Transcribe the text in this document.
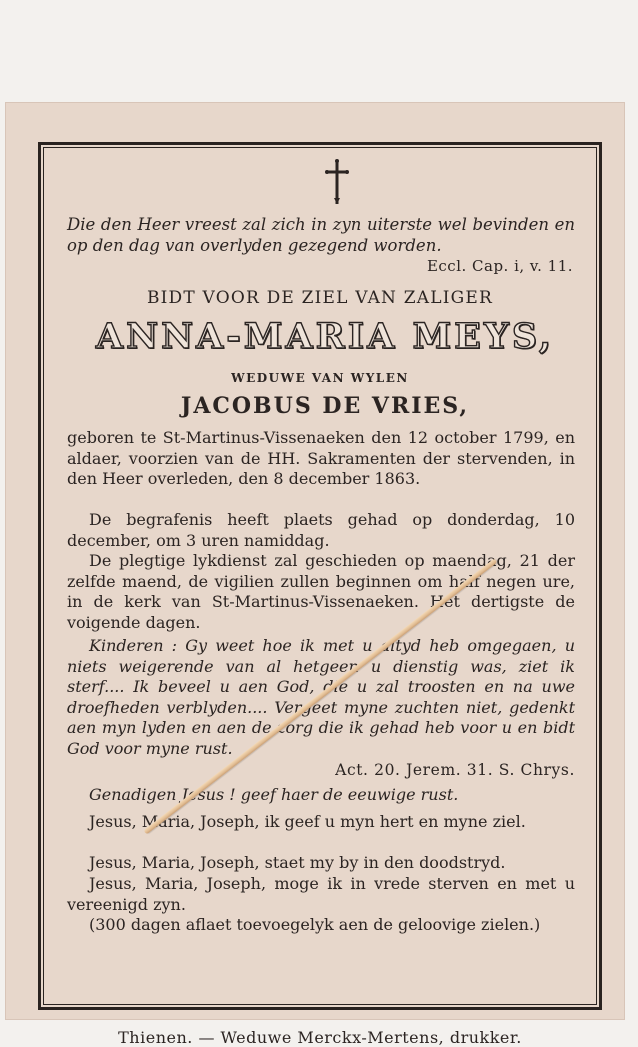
Die den Heer vreest zal zich in zyn uiterste wel bevinden en op den dag van overlyden gezegend worden.
Eccl. Cap. i, v. 11.
BIDT VOOR DE ZIEL VAN ZALIGER
ANNA-MARIA MEYS,
WEDUWE VAN WYLEN
JACOBUS DE VRIES,
geboren te St-Martinus-Vissenaeken den 12 october 1799, en aldaer, voorzien van de HH. Sakramenten der stervenden, in den Heer overleden, den 8 december 1863.
De begrafenis heeft plaets gehad op donderdag, 10 december, om 3 uren namiddag.
De plegtige lykdienst zal geschieden op maendag, 21 der zelfde maend, de vigilien zullen beginnen om half negen ure, in de kerk van St-Martinus-Vissenaeken. Het dertigste de voigende dagen.
Kinderen : Gy weet hoe ik met u altyd heb omgegaen, u niets weigerende van al hetgeen u dienstig was, ziet ik sterf.... Ik beveel u aen God, die u zal troosten en na uwe droefheden verblyden.... Vergeet myne zuchten niet, gedenkt aen myn lyden en aen de zorg die ik gehad heb voor u en bidt God voor myne rust.
Act. 20. Jerem. 31. S. Chrys.
Genadigen Jesus ! geef haer de eeuwige rust.
Jesus, Maria, Joseph, ik geef u myn hert en myne ziel.
Jesus, Maria, Joseph, staet my by in den doodstryd.
Jesus, Maria, Joseph, moge ik in vrede sterven en met u vereenigd zyn.
(300 dagen aflaet toevoegelyk aen de geloovige zielen.)
Thienen. — Weduwe Merckx-Mertens, drukker.
